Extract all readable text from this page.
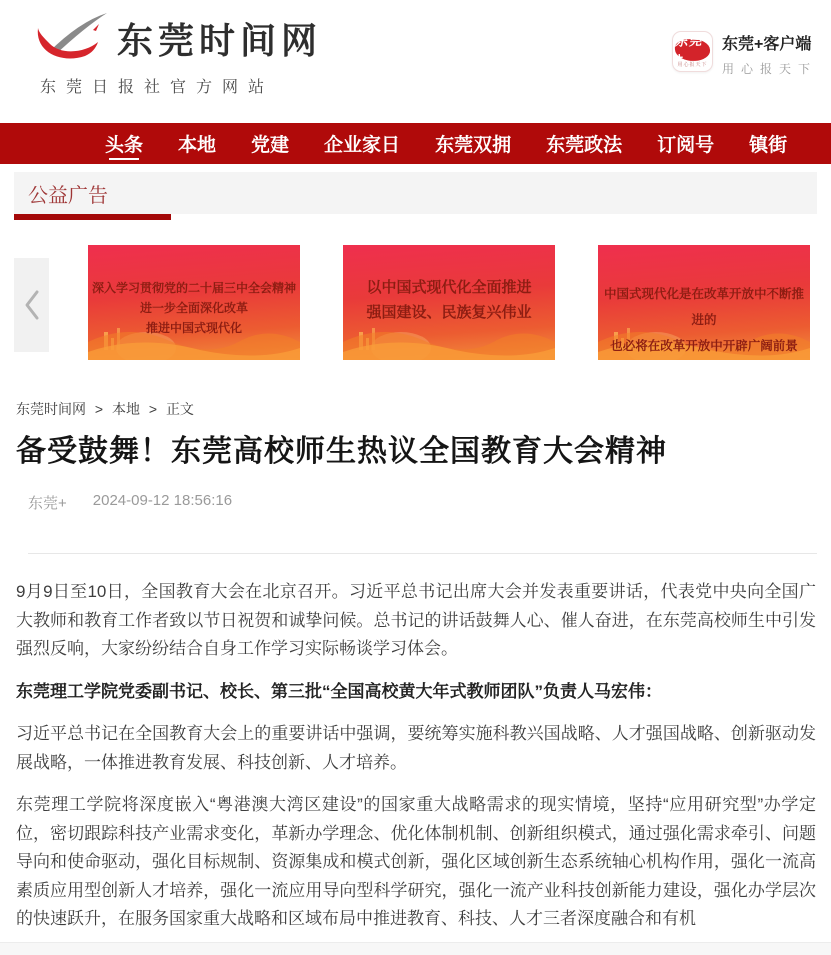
东莞时间网
东莞日报社官方网站
东莞+
用心报天下
东莞+客户端
用心报天下
头条 本地 党建 企业家日 东莞双拥 东莞政法 订阅号 镇街
公益广告
深入学习贯彻党的二十届三中全会精神
进一步全面深化改革
推进中国式现代化
以中国式现代化全面推进
强国建设、民族复兴伟业
中国式现代化是在改革开放中不断推进的
也必将在改革开放中开辟广阔前景
东莞时间网 > 本地 > 正文
备受鼓舞！东莞高校师生热议全国教育大会精神
东莞+ 2024-09-12 18:56:16

9月9日至10日，全国教育大会在北京召开。习近平总书记出席大会并发表重要讲话，代表党中央向全国广大教师和教育工作者致以节日祝贺和诚挚问候。总书记的讲话鼓舞人心、催人奋进，在东莞高校师生中引发强烈反响，大家纷纷结合自身工作学习实际畅谈学习体会。

东莞理工学院党委副书记、校长、第三批“全国高校黄大年式教师团队”负责人马宏伟：

习近平总书记在全国教育大会上的重要讲话中强调，要统筹实施科教兴国战略、人才强国战略、创新驱动发展战略，一体推进教育发展、科技创新、人才培养。

东莞理工学院将深度嵌入“粤港澳大湾区建设”的国家重大战略需求的现实情境，坚持“应用研究型”办学定位，密切跟踪科技产业需求变化，革新办学理念、优化体制机制、创新组织模式，通过强化需求牵引、问题导向和使命驱动，强化目标规制、资源集成和模式创新，强化区域创新生态系统轴心机构作用，强化一流高素质应用型创新人才培养，强化一流应用导向型科学研究，强化一流产业科技创新能力建设，强化办学层次的快速跃升，在服务国家重大战略和区域布局中推进教育、科技、人才三者深度融合和有机
